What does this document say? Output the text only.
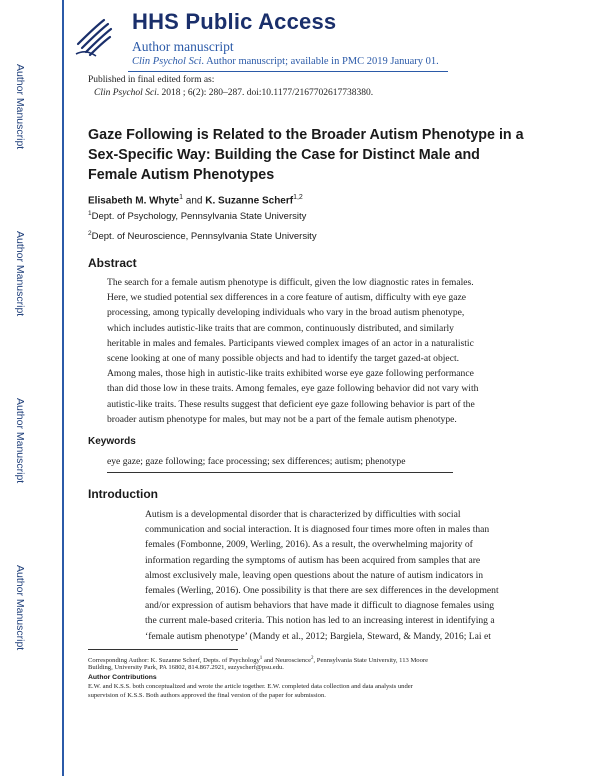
Author Manuscript
Author Manuscript
Author Manuscript
Author Manuscript
HHS Public Access
Author manuscript
Clin Psychol Sci. Author manuscript; available in PMC 2019 January 01.
Published in final edited form as:
Clin Psychol Sci. 2018 ; 6(2): 280–287. doi:10.1177/2167702617738380.
Gaze Following is Related to the Broader Autism Phenotype in a
Sex-Specific Way: Building the Case for Distinct Male and
Female Autism Phenotypes
Elisabeth M. Whyte$^1$ and K. Suzanne Scherf$^{1,2}$
$^1$Dept. of Psychology, Pennsylvania State University
$^2$Dept. of Neuroscience, Pennsylvania State University
Abstract
The search for a female autism phenotype is difficult, given the low diagnostic rates in females.
Here, we studied potential sex differences in a core feature of autism, difficulty with eye gaze
processing, among typically developing individuals who vary in the broad autism phenotype,
which includes autistic-like traits that are common, continuously distributed, and similarly
heritable in males and females. Participants viewed complex images of an actor in a naturalistic
scene looking at one of many possible objects and had to identify the target gazed-at object.
Among males, those high in autistic-like traits exhibited worse eye gaze following performance
than did those low in these traits. Among females, eye gaze following behavior did not vary with
autistic-like traits. These results suggest that deficient eye gaze following behavior is part of the
broader autism phenotype for males, but may not be a part of the female autism phenotype.
Keywords
eye gaze; gaze following; face processing; sex differences; autism; phenotype
Introduction
Autism is a developmental disorder that is characterized by difficulties with social
communication and social interaction. It is diagnosed four times more often in males than
females (Fombonne, 2009, Werling, 2016). As a result, the overwhelming majority of
information regarding the symptoms of autism has been acquired from samples that are
almost exclusively male, leaving open questions about the nature of autism indicators in
females (Werling, 2016). One possibility is that there are sex differences in the development
and/or expression of autism behaviors that have made it difficult to diagnose females using
the current male-based criteria. This notion has led to an increasing interest in identifying a
‘female autism phenotype’ (Mandy et al., 2012; Bargiela, Steward, & Mandy, 2016; Lai et
Corresponding Author: K. Suzanne Scherf, Depts. of Psychology$^1$ and Neuroscience$^2$, Pennsylvania State University, 113 Moore
Building, University Park, PA 16802, 814.867.2921, suzyscherf@psu.edu.
Author Contributions
E.W. and K.S.S. both conceptualized and wrote the article together. E.W. completed data collection and data analysis under
supervision of K.S.S. Both authors approved the final version of the paper for submission.
